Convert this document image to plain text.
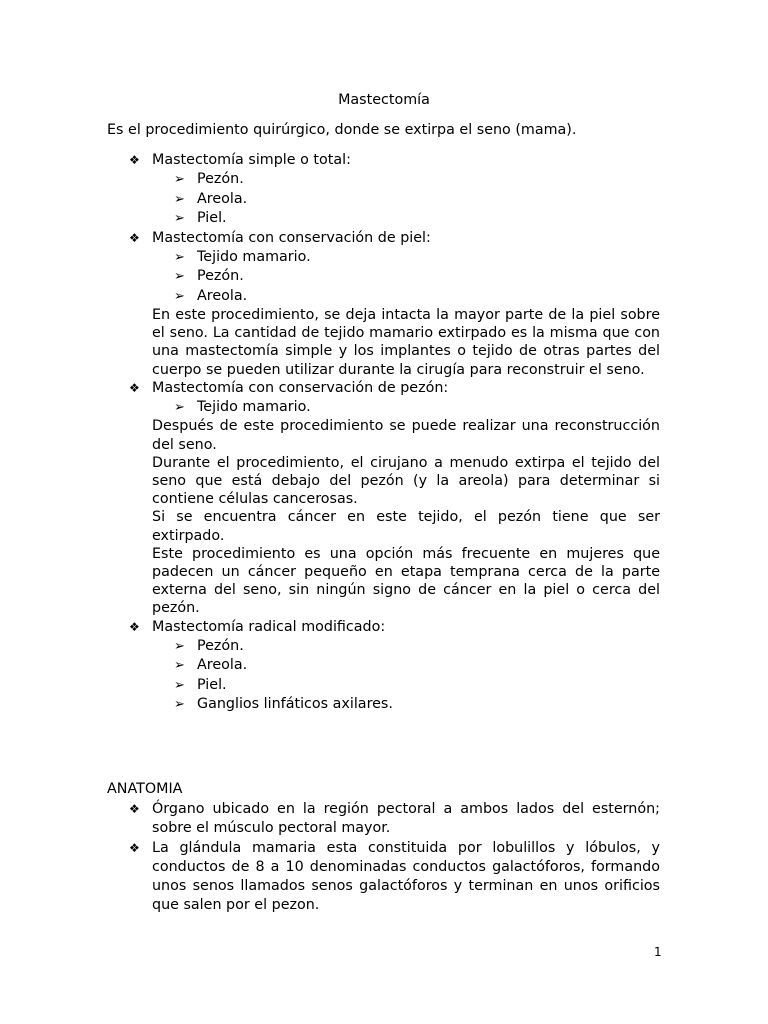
Mastectomía
Es el procedimiento quirúrgico, donde se extirpa el seno (mama).
❖ Mastectomía simple o total:
➢ Pezón.
➢ Areola.
➢ Piel.
❖ Mastectomía con conservación de piel:
➢ Tejido mamario.
➢ Pezón.
➢ Areola.
En este procedimiento, se deja intacta la mayor parte de la piel sobre el seno. La cantidad de tejido mamario extirpado es la misma que con una mastectomía simple y los implantes o tejido de otras partes del cuerpo se pueden utilizar durante la cirugía para reconstruir el seno.
❖ Mastectomía con conservación de pezón:
➢ Tejido mamario.
Después de este procedimiento se puede realizar una reconstrucción del seno.
Durante el procedimiento, el cirujano a menudo extirpa el tejido del seno que está debajo del pezón (y la areola) para determinar si contiene células cancerosas.
Si se encuentra cáncer en este tejido, el pezón tiene que ser extirpado.
Este procedimiento es una opción más frecuente en mujeres que padecen un cáncer pequeño en etapa temprana cerca de la parte externa del seno, sin ningún signo de cáncer en la piel o cerca del pezón.
❖ Mastectomía radical modificado:
➢ Pezón.
➢ Areola.
➢ Piel.
➢ Ganglios linfáticos axilares.
ANATOMIA
❖ Órgano ubicado en la región pectoral a ambos lados del esternón; sobre el músculo pectoral mayor.
❖ La glándula mamaria esta constituida por lobulillos y lóbulos, y conductos de 8 a 10 denominadas conductos galactóforos, formando unos senos llamados senos galactóforos y terminan en unos orificios que salen por el pezon.
1
